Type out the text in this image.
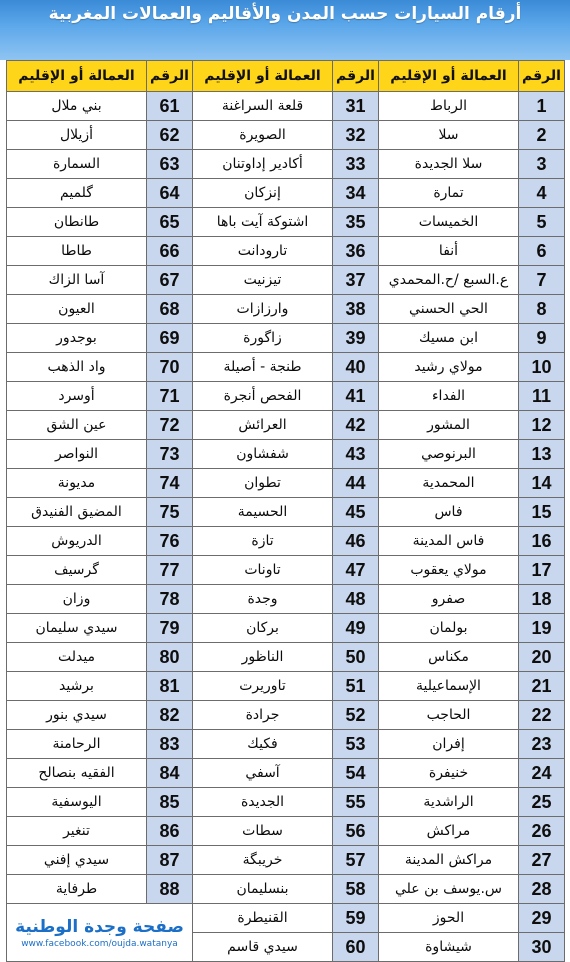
أرقام السيارات حسب المدن والأقاليم والعمالات المغربية
الرقم	العمالة أو الإقليم	الرقم	العمالة أو الإقليم	الرقم	العمالة أو الإقليم
1	الرباط	31	قلعة السراغنة	61	بني ملال
2	سلا	32	الصويرة	62	أزيلال
3	سلا الجديدة	33	أكادير إداوتنان	63	السمارة
4	تمارة	34	إنزكان	64	گلميم
5	الخميسات	35	اشتوكة آيت باها	65	طانطان
6	أنفا	36	تارودانت	66	طاطا
7	ع.السبع /ح.المحمدي	37	تيزنيت	67	آسا الزاك
8	الحي الحسني	38	وارزازات	68	العيون
9	ابن مسيك	39	زاگورة	69	بوجدور
10	مولاي رشيد	40	طنجة - أصيلة	70	واد الذهب
11	الفداء	41	الفحص أنجرة	71	أوسرد
12	المشور	42	العرائش	72	عين الشق
13	البرنوصي	43	شفشاون	73	النواصر
14	المحمدية	44	تطوان	74	مديونة
15	فاس	45	الحسيمة	75	المضيق الفنيدق
16	فاس المدينة	46	تازة	76	الدريوش
17	مولاي يعقوب	47	تاونات	77	گرسيف
18	صفرو	48	وجدة	78	وزان
19	بولمان	49	بركان	79	سيدي سليمان
20	مكناس	50	الناظور	80	ميدلت
21	الإسماعيلية	51	تاوريرت	81	برشيد
22	الحاجب	52	جرادة	82	سيدي بنور
23	إفران	53	فكيك	83	الرحامنة
24	خنيفرة	54	آسفي	84	الفقيه بنصالح
25	الراشدية	55	الجديدة	85	اليوسفية
26	مراكش	56	سطات	86	تنغير
27	مراكش المدينة	57	خريبگة	87	سيدي إفني
28	س.يوسف بن علي	58	بنسليمان	88	طرفاية
29	الحوز	59	القنيطرة	صفحة وجدة الوطنية
www.facebook.com/oujda.watanya	

30	شيشاوة	60	سيدي قاسم		
